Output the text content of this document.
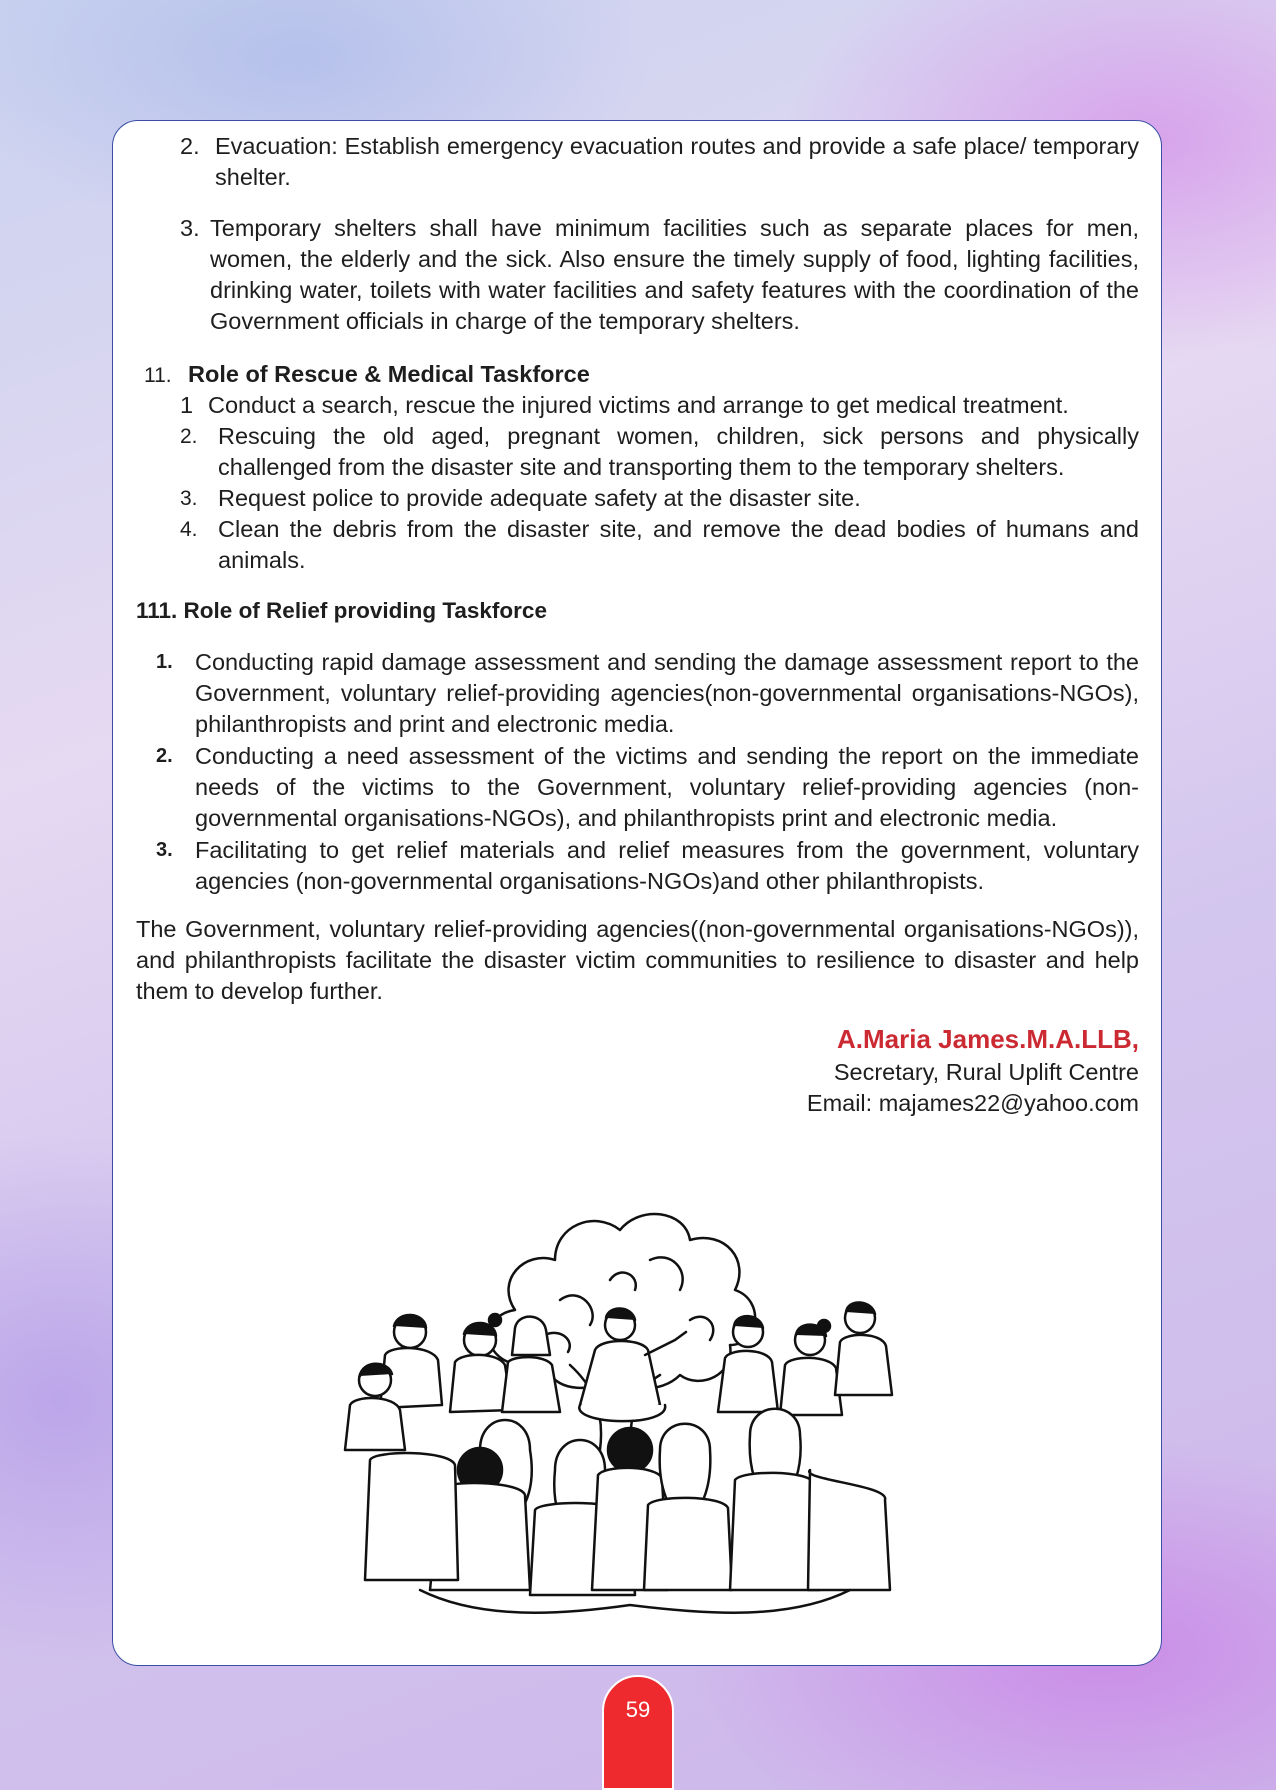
2. Evacuation: Establish emergency evacuation routes and provide a safe place/ temporary shelter.
3. Temporary shelters shall have minimum facilities such as separate places for men, women, the elderly and the sick. Also ensure the timely supply of food, lighting facilities, drinking water, toilets with water facilities and safety features with the coordination of the Government officials in charge of the temporary shelters.
11. Role of Rescue & Medical Taskforce
1 Conduct a search, rescue the injured victims and arrange to get medical treatment.
2. Rescuing the old aged, pregnant women, children, sick persons and physically challenged from the disaster site and transporting them to the temporary shelters.
3. Request police to provide adequate safety at the disaster site.
4. Clean the debris from the disaster site, and remove the dead bodies of humans and animals.
111. Role of Relief providing Taskforce
1. Conducting rapid damage assessment and sending the damage assessment report to the Government, voluntary relief-providing agencies(non-governmental organisations-NGOs), philanthropists and print and electronic media.
2. Conducting a need assessment of the victims and sending the report on the immediate needs of the victims to the Government, voluntary relief-providing agencies (non-governmental organisations-NGOs), and philanthropists print and electronic media.
3. Facilitating to get relief materials and relief measures from the government, voluntary agencies (non-governmental organisations-NGOs)and other philanthropists.
The Government, voluntary relief-providing agencies((non-governmental organisations-NGOs)), and philanthropists facilitate the disaster victim communities to resilience to disaster and help them to develop further.
A.Maria James.M.A.LLB,
Secretary, Rural Uplift Centre
Email: majames22@yahoo.com
59
